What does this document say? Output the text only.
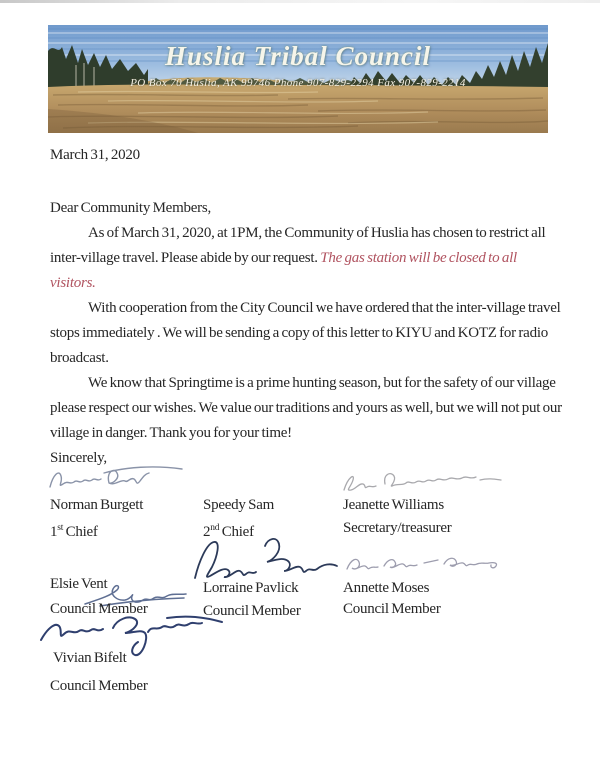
Huslia Tribal Council
PO Box 70 Huslia, AK 99746 Phone 907-829-2294 Fax 907-829-2214

March 31, 2020

Dear Community Members,

As of March 31, 2020, at 1PM, the Community of Huslia has chosen to restrict all inter-village travel. Please abide by our request. The gas station will be closed to all visitors.

With cooperation from the City Council we have ordered that the inter-village travel stops immediately . We will be sending a copy of this letter to KIYU and KOTZ for radio broadcast.

We know that Springtime is a prime hunting season, but for the safety of our village please respect our wishes. We value our traditions and yours as well, but we will not put our village in danger. Thank you for your time!

Sincerely,

Norman Burgett
1st Chief
Speedy Sam
2nd Chief
Jeanette Williams
Secretary/treasurer
Elsie Vent
Council Member
Lorraine Pavlick
Council Member
Annette Moses
Council Member
Vivian Bifelt
Council Member
